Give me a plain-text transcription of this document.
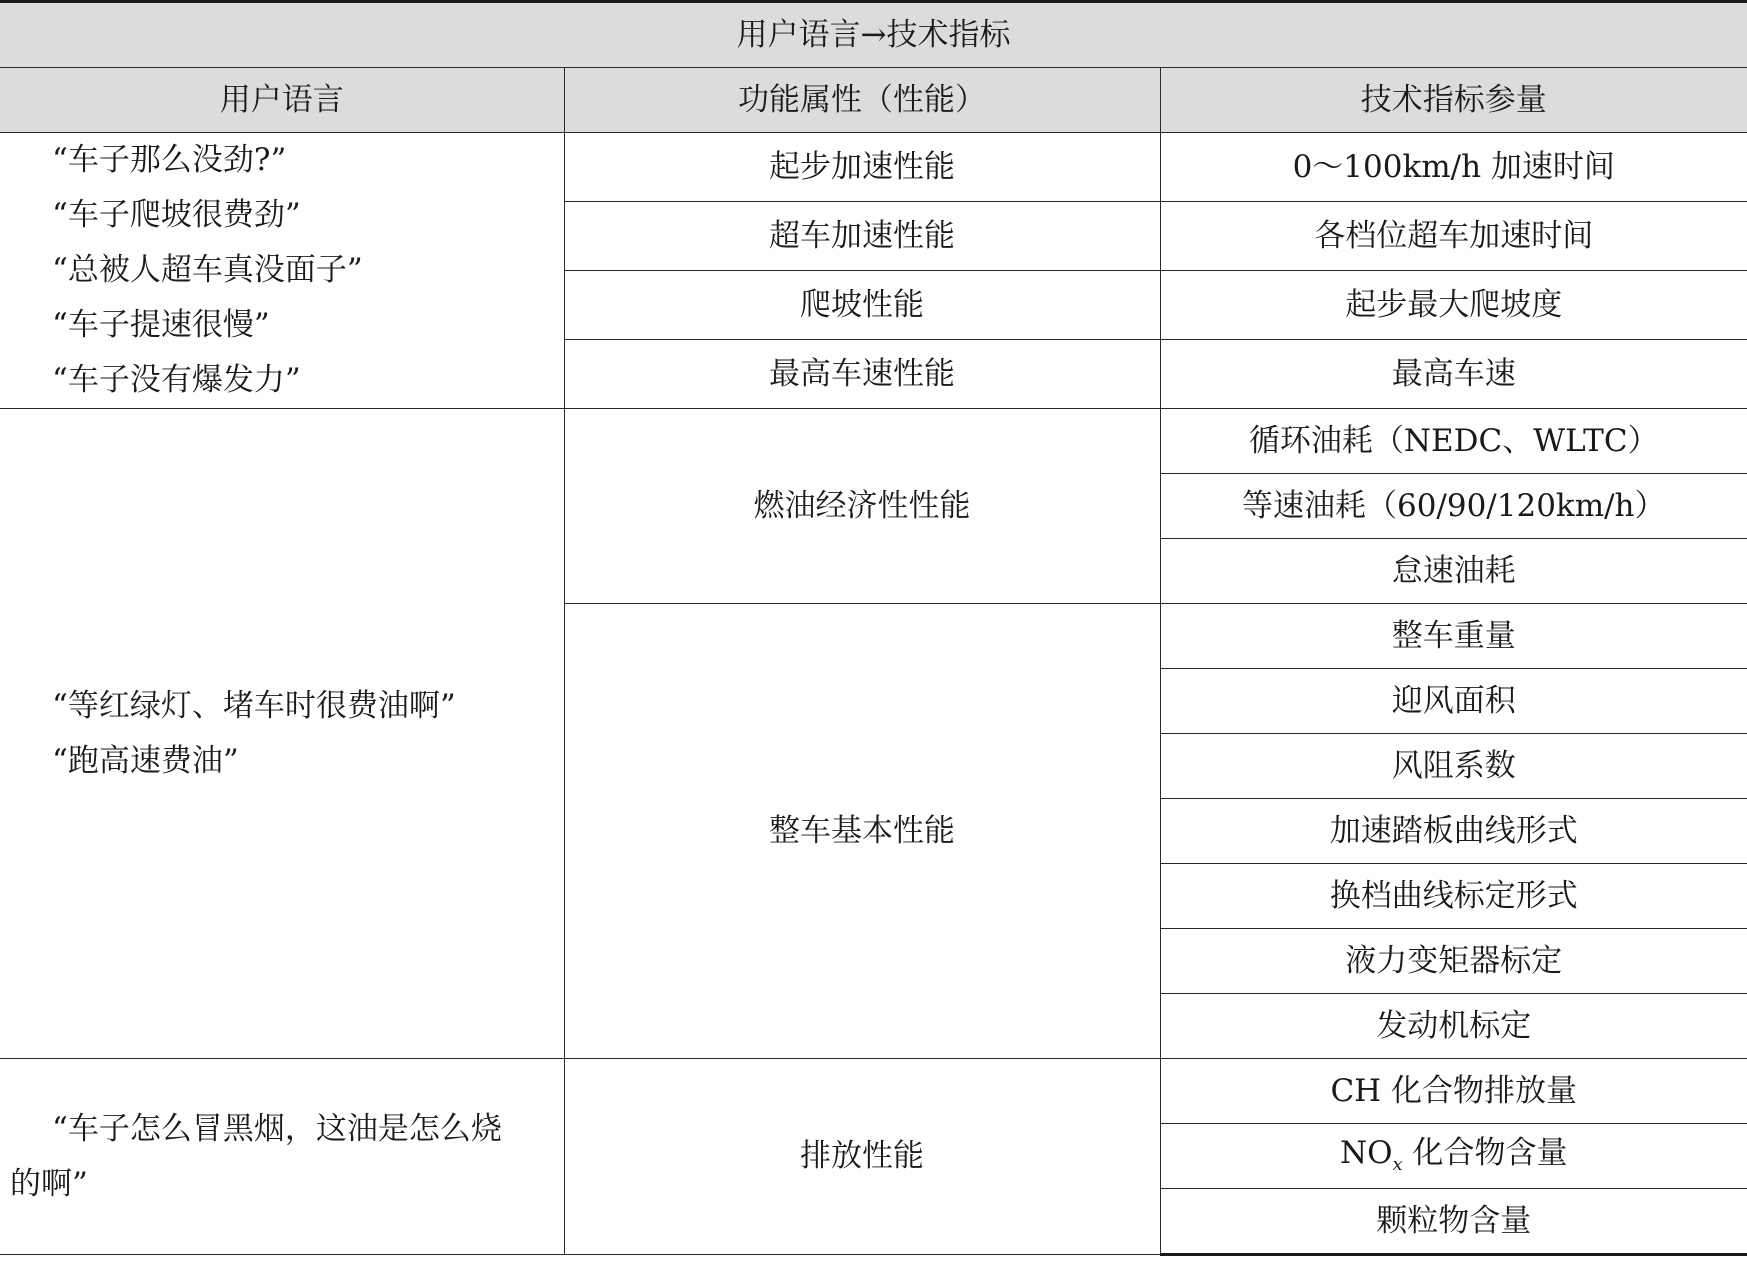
用户语言→技术指标		
用户语言	功能属性（性能）	技术指标参量

“车子那么没劲?”
“车子爬坡很费劲”
“总被人超车真没面子”
“车子提速很慢”
“车子没有爆发力”	起步加速性能	0～100km/h 加速时间
	超车加速性能	各档位超车加速时间
	爬坡性能	起步最大爬坡度
	最高车速性能	最高车速

“等红绿灯、堵车时很费油啊”
“跑高速费油”	燃油经济性性能	循环油耗（NEDC、WLTC）
		等速油耗（60/90/120km/h）
		怠速油耗
	整车基本性能	整车重量
		迎风面积
		风阻系数
		加速踏板曲线形式
		换档曲线标定形式
		液力变矩器标定
		发动机标定

“车子怎么冒黑烟，这油是怎么烧
的啊”	排放性能	CH 化合物排放量
		$NO_x$ 化合物含量
		颗粒物含量
